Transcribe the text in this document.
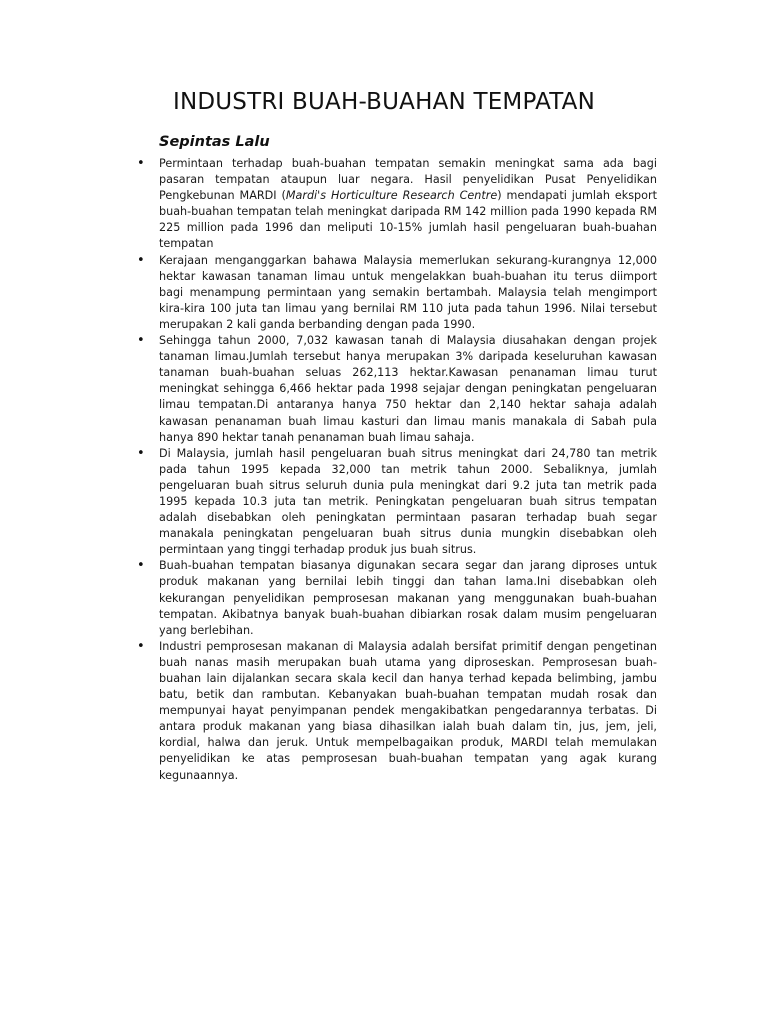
INDUSTRI BUAH-BUAHAN TEMPATAN
Sepintas Lalu
• Permintaan terhadap buah-buahan tempatan semakin meningkat sama ada bagi pasaran tempatan ataupun luar negara. Hasil penyelidikan Pusat Penyelidikan Pengkebunan MARDI (Mardi's Horticulture Research Centre) mendapati jumlah eksport buah-buahan tempatan telah meningkat daripada RM 142 million pada 1990 kepada RM 225 million pada 1996 dan meliputi 10-15% jumlah hasil pengeluaran buah-buahan tempatan
• Kerajaan menganggarkan bahawa Malaysia memerlukan sekurang-kurangnya 12,000 hektar kawasan tanaman limau untuk mengelakkan buah-buahan itu terus diimport bagi menampung permintaan yang semakin bertambah. Malaysia telah mengimport kira-kira 100 juta tan limau yang bernilai RM 110 juta pada tahun 1996. Nilai tersebut merupakan 2 kali ganda berbanding dengan pada 1990.
• Sehingga tahun 2000, 7,032 kawasan tanah di Malaysia diusahakan dengan projek tanaman limau.Jumlah tersebut hanya merupakan 3% daripada keseluruhan kawasan tanaman buah-buahan seluas 262,113 hektar.Kawasan penanaman limau turut meningkat sehingga 6,466 hektar pada 1998 sejajar dengan peningkatan pengeluaran limau tempatan.Di antaranya hanya 750 hektar dan 2,140 hektar sahaja adalah kawasan penanaman buah limau kasturi dan limau manis manakala di Sabah pula hanya 890 hektar tanah penanaman buah limau sahaja.
• Di Malaysia, jumlah hasil pengeluaran buah sitrus meningkat dari 24,780 tan metrik pada tahun 1995 kepada 32,000 tan metrik tahun 2000. Sebaliknya, jumlah pengeluaran buah sitrus seluruh dunia pula meningkat dari 9.2 juta tan metrik pada 1995 kepada 10.3 juta tan metrik. Peningkatan pengeluaran buah sitrus tempatan adalah disebabkan oleh peningkatan permintaan pasaran terhadap buah segar manakala peningkatan pengeluaran buah sitrus dunia mungkin disebabkan oleh permintaan yang tinggi terhadap produk jus buah sitrus.
• Buah-buahan tempatan biasanya digunakan secara segar dan jarang diproses untuk produk makanan yang bernilai lebih tinggi dan tahan lama.Ini disebabkan oleh kekurangan penyelidikan pemprosesan makanan yang menggunakan buah-buahan tempatan. Akibatnya banyak buah-buahan dibiarkan rosak dalam musim pengeluaran yang berlebihan.
• Industri pemprosesan makanan di Malaysia adalah bersifat primitif dengan pengetinan buah nanas masih merupakan buah utama yang diproseskan. Pemprosesan buah-buahan lain dijalankan secara skala kecil dan hanya terhad kepada belimbing, jambu batu, betik dan rambutan. Kebanyakan buah-buahan tempatan mudah rosak dan mempunyai hayat penyimpanan pendek mengakibatkan pengedarannya terbatas. Di antara produk makanan yang biasa dihasilkan ialah buah dalam tin, jus, jem, jeli, kordial, halwa dan jeruk. Untuk mempelbagaikan produk, MARDI telah memulakan penyelidikan ke atas pemprosesan buah-buahan tempatan yang agak kurang kegunaannya.
